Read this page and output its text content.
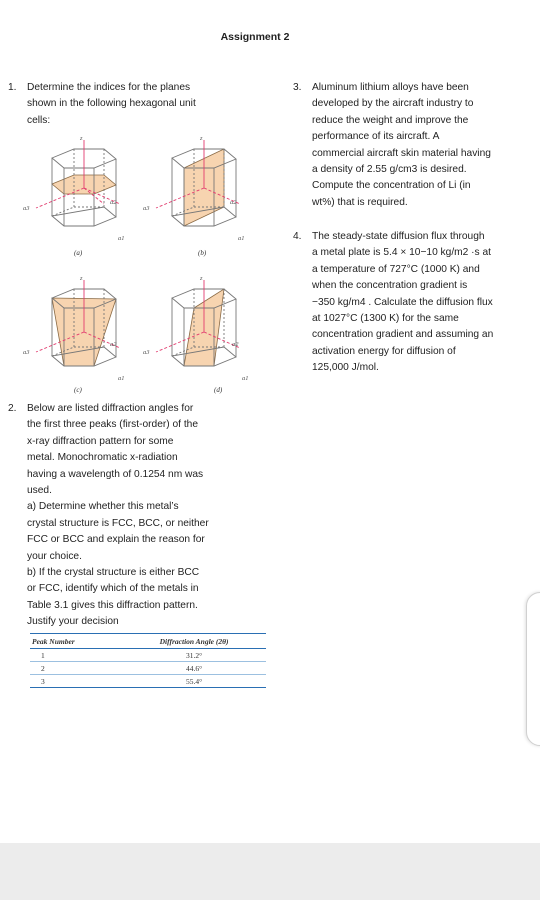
Assignment 2
1. Determine the indices for the planes

shown in the following hexagonal unit

cells:

z
a3
a2
a1
(a)
z
a3
a2
a1
(b)
z
a3
a2
a1
(c)
z
a3
a2
a1
(d)
2. Below are listed diffraction angles for

the first three peaks (first-order) of the

x-ray diffraction pattern for some

metal. Monochromatic x-radiation

having a wavelength of 0.1254 nm was

used.

a) Determine whether this metal’s

crystal structure is FCC, BCC, or neither

FCC or BCC and explain the reason for

your choice.

b) If the crystal structure is either BCC

or FCC, identify which of the metals in

Table 3.1 gives this diffraction pattern.

Justify your decision

Peak Number	Diffraction Angle (2θ)
1	31.2°
2	44.6°
3	55.4°
3. Aluminum lithium alloys have been

developed by the aircraft industry to

reduce the weight and improve the

performance of its aircraft. A

commercial aircraft skin material having

a density of 2.55 g/cm3 is desired.

Compute the concentration of Li (in

wt%) that is required.

4. The steady-state diffusion flux through

a metal plate is 5.4 × 10−10 kg/m2 ·s at

a temperature of 727°C (1000 K) and

when the concentration gradient is

−350 kg/m4 . Calculate the diffusion flux

at 1027°C (1300 K) for the same

concentration gradient and assuming an

activation energy for diffusion of

125,000 J/mol.
